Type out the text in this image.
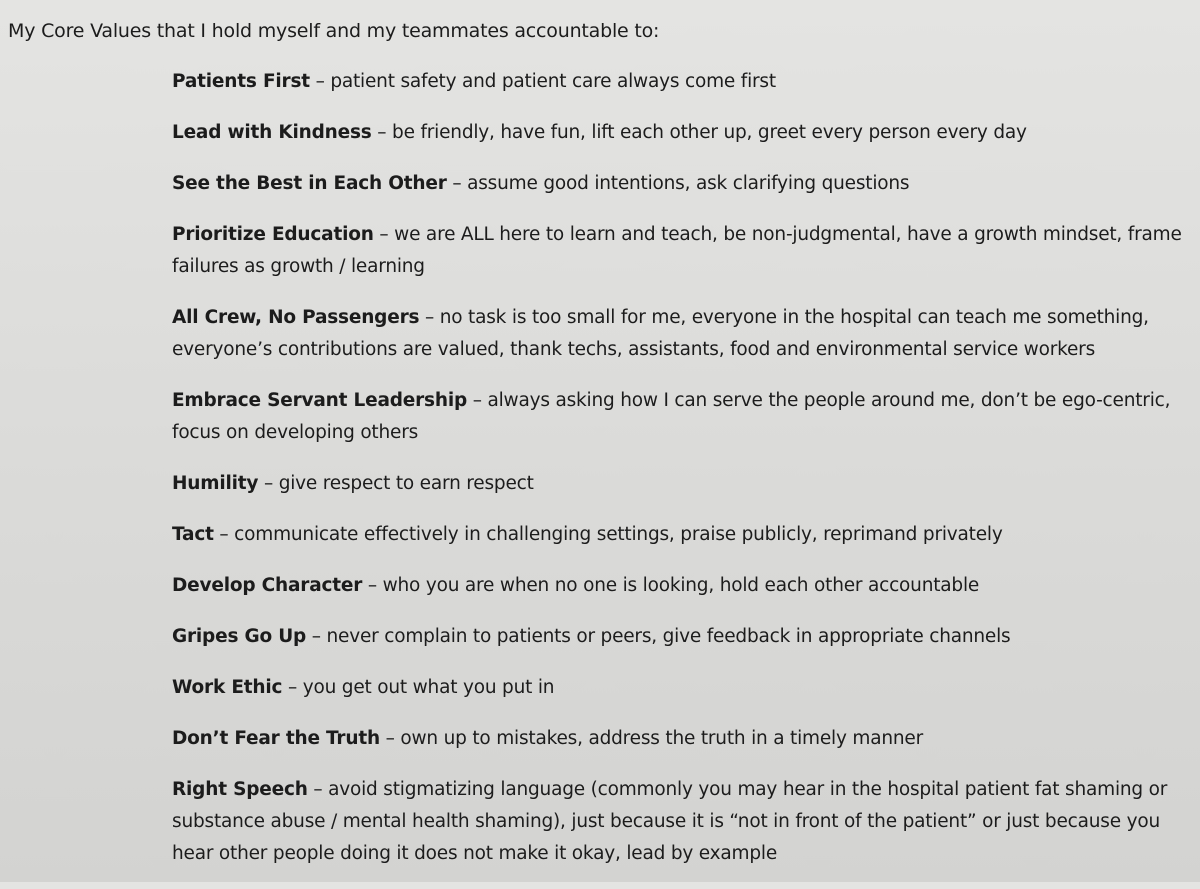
My Core Values that I hold myself and my teammates accountable to:
Patients First – patient safety and patient care always come first
Lead with Kindness – be friendly, have fun, lift each other up, greet every person every day
See the Best in Each Other – assume good intentions, ask clarifying questions
Prioritize Education – we are ALL here to learn and teach, be non-judgmental, have a growth mindset, frame failures as growth / learning
All Crew, No Passengers – no task is too small for me, everyone in the hospital can teach me something, everyone’s contributions are valued, thank techs, assistants, food and environmental service workers
Embrace Servant Leadership – always asking how I can serve the people around me, don’t be ego-centric, focus on developing others
Humility – give respect to earn respect
Tact – communicate effectively in challenging settings, praise publicly, reprimand privately
Develop Character – who you are when no one is looking, hold each other accountable
Gripes Go Up – never complain to patients or peers, give feedback in appropriate channels
Work Ethic – you get out what you put in
Don’t Fear the Truth – own up to mistakes, address the truth in a timely manner
Right Speech – avoid stigmatizing language (commonly you may hear in the hospital patient fat shaming or substance abuse / mental health shaming), just because it is “not in front of the patient” or just because you hear other people doing it does not make it okay, lead by example
